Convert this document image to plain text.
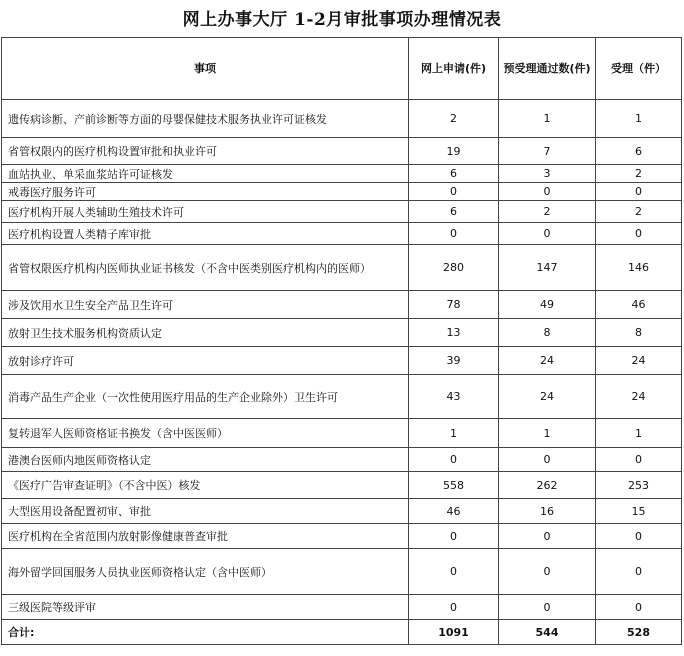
网上办事大厅 1-2月审批事项办理情况表
事项	网上申请(件)	预受理通过数(件)	受理（件）
遗传病诊断、产前诊断等方面的母婴保健技术服务执业许可证核发	2	1	1
省管权限内的医疗机构设置审批和执业许可	19	7	6
血站执业、单采血浆站许可证核发	6	3	2
戒毒医疗服务许可	0	0	0
医疗机构开展人类辅助生殖技术许可	6	2	2
医疗机构设置人类精子库审批	0	0	0
省管权限医疗机构内医师执业证书核发（不含中医类别医疗机构内的医师）	280	147	146
涉及饮用水卫生安全产品卫生许可	78	49	46
放射卫生技术服务机构资质认定	13	8	8
放射诊疗许可	39	24	24
消毒产品生产企业（一次性使用医疗用品的生产企业除外）卫生许可	43	24	24
复转退军人医师资格证书换发（含中医医师）	1	1	1
港澳台医师内地医师资格认定	0	0	0
《医疗广告审查证明》（不含中医）核发	558	262	253
大型医用设备配置初审、审批	46	16	15
医疗机构在全省范围内放射影像健康普查审批	0	0	0
海外留学回国服务人员执业医师资格认定（含中医师）	0	0	0
三级医院等级评审	0	0	0
合计:	1091	544	528
